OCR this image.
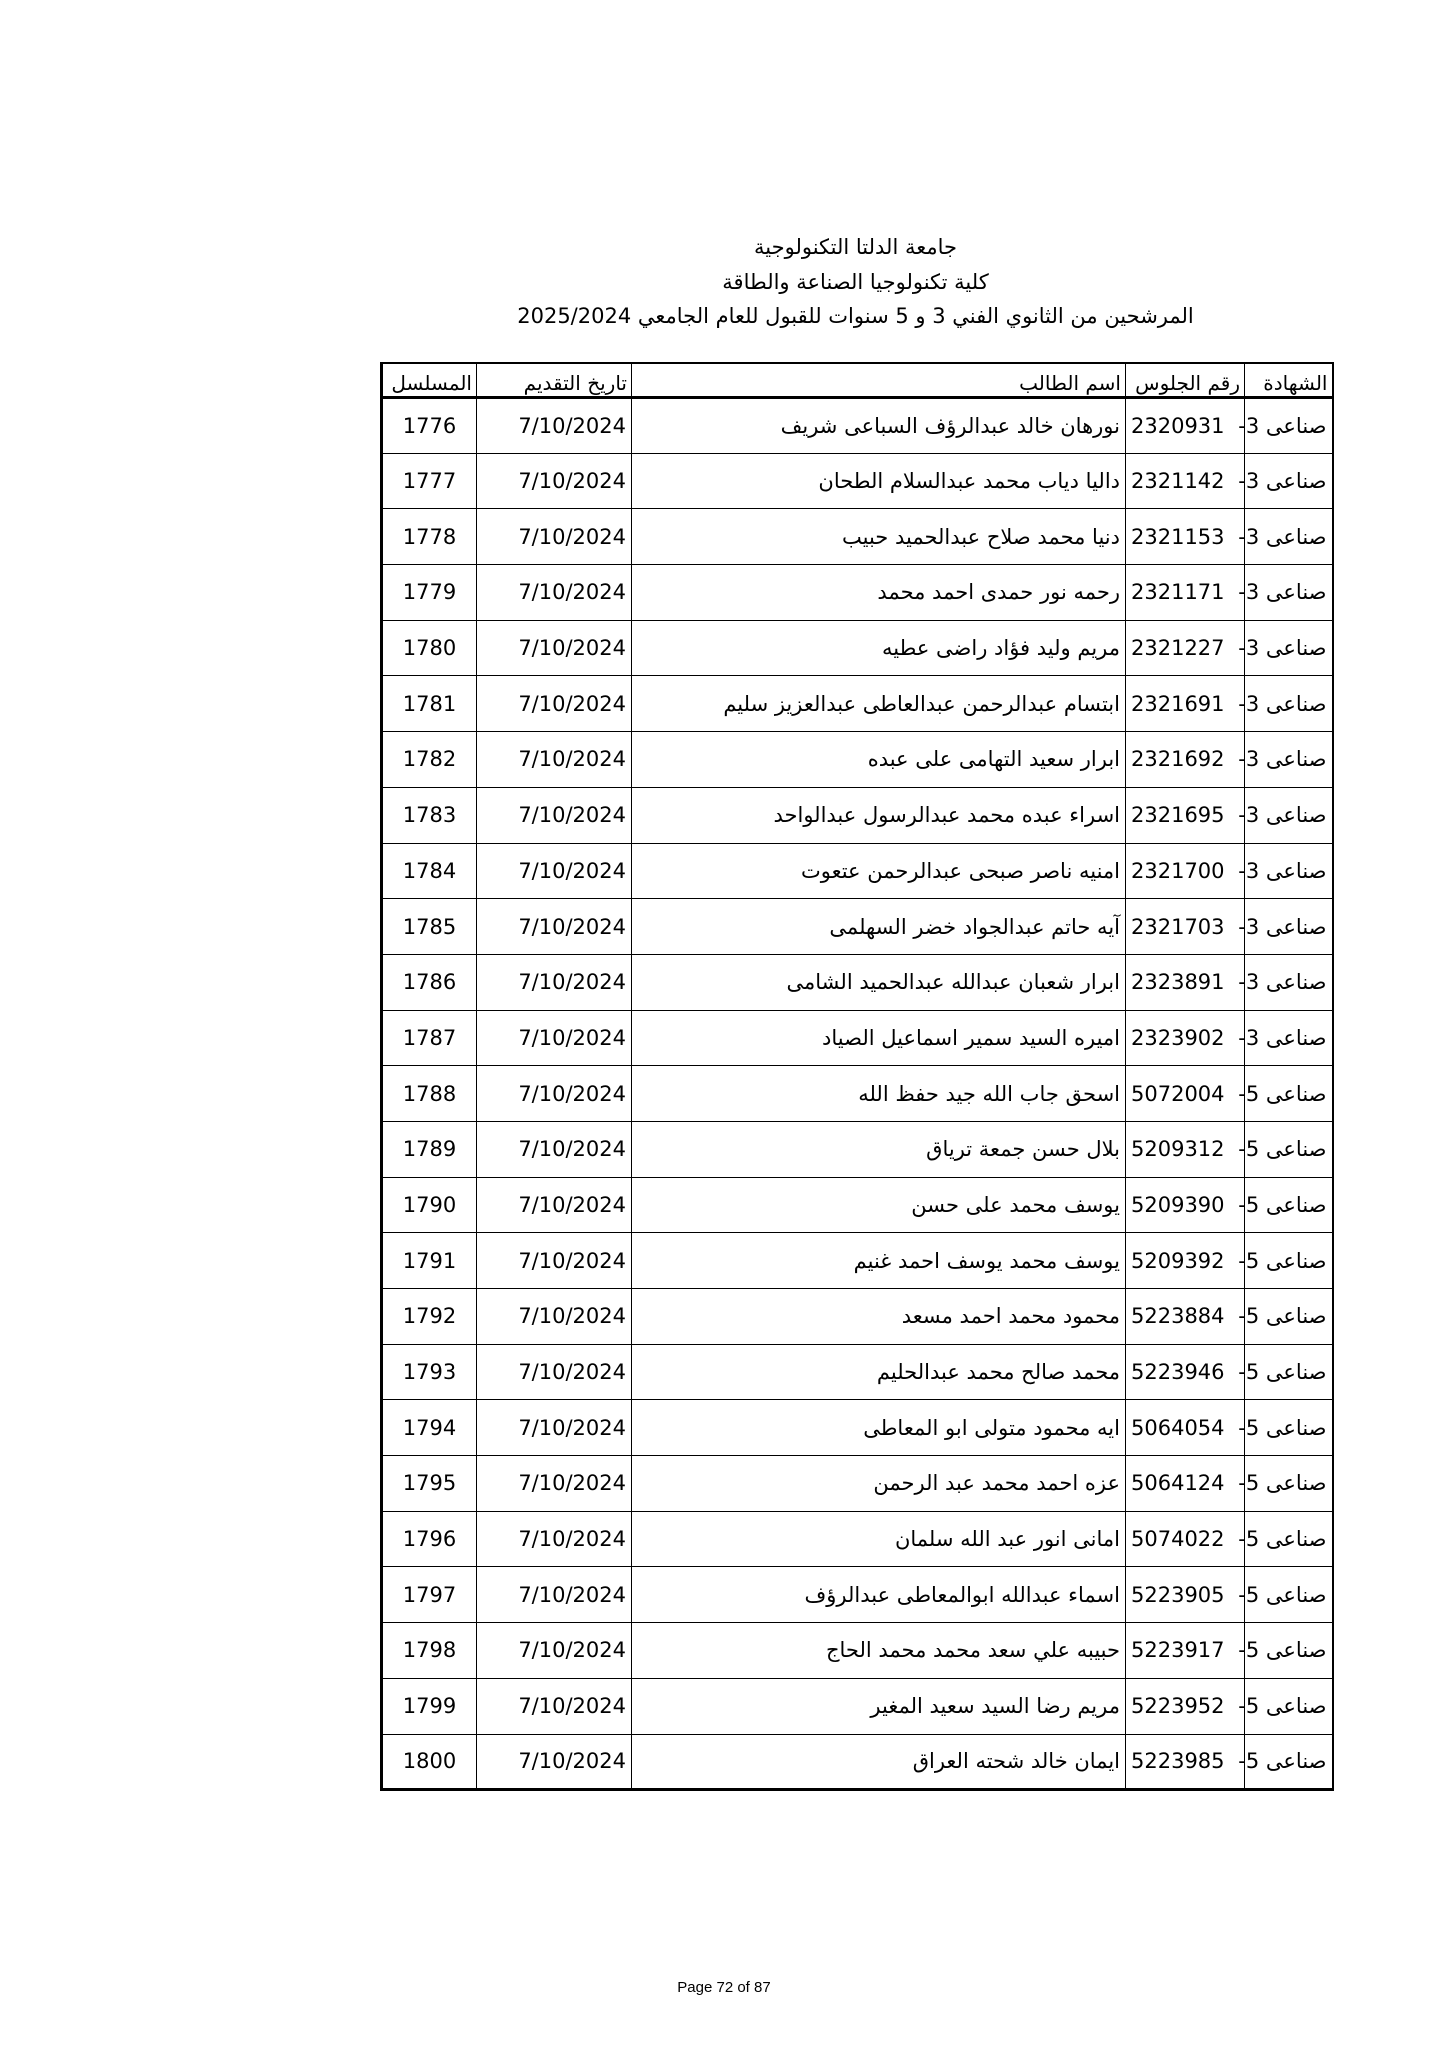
جامعة الدلتا التكنولوجية
كلية تكنولوجيا الصناعة والطاقة
المرشحين من الثانوي الفني 3 و 5 سنوات للقبول للعام الجامعي 2025/2024
الشهادة	رقم الجلوس	اسم الطالب	تاريخ التقديم	المسلسل
صناعى 3-	2320931	نورهان خالد عبدالرؤف السباعى شريف	7/10/2024	1776
صناعى 3-	2321142	داليا دياب محمد عبدالسلام الطحان	7/10/2024	1777
صناعى 3-	2321153	دنيا محمد صلاح عبدالحميد حبيب	7/10/2024	1778
صناعى 3-	2321171	رحمه نور حمدى احمد محمد	7/10/2024	1779
صناعى 3-	2321227	مريم وليد فؤاد راضى عطيه	7/10/2024	1780
صناعى 3-	2321691	ابتسام عبدالرحمن عبدالعاطى عبدالعزيز سليم	7/10/2024	1781
صناعى 3-	2321692	ابرار سعيد التهامى على عبده	7/10/2024	1782
صناعى 3-	2321695	اسراء عبده محمد عبدالرسول عبدالواحد	7/10/2024	1783
صناعى 3-	2321700	امنيه ناصر صبحى عبدالرحمن عتعوت	7/10/2024	1784
صناعى 3-	2321703	آيه حاتم عبدالجواد خضر السهلمى	7/10/2024	1785
صناعى 3-	2323891	ابرار شعبان عبدالله عبدالحميد الشامى	7/10/2024	1786
صناعى 3-	2323902	اميره السيد سمير اسماعيل الصياد	7/10/2024	1787
صناعى 5-	5072004	اسحق جاب الله جيد حفظ الله	7/10/2024	1788
صناعى 5-	5209312	بلال حسن جمعة ترياق	7/10/2024	1789
صناعى 5-	5209390	يوسف محمد على حسن	7/10/2024	1790
صناعى 5-	5209392	يوسف محمد يوسف احمد غنيم	7/10/2024	1791
صناعى 5-	5223884	محمود محمد احمد مسعد	7/10/2024	1792
صناعى 5-	5223946	محمد صالح محمد عبدالحليم	7/10/2024	1793
صناعى 5-	5064054	ايه محمود متولى ابو المعاطى	7/10/2024	1794
صناعى 5-	5064124	عزه احمد محمد عبد الرحمن	7/10/2024	1795
صناعى 5-	5074022	امانى انور عبد الله سلمان	7/10/2024	1796
صناعى 5-	5223905	اسماء عبدالله ابوالمعاطى عبدالرؤف	7/10/2024	1797
صناعى 5-	5223917	حبيبه علي سعد محمد محمد الحاج	7/10/2024	1798
صناعى 5-	5223952	مريم رضا السيد سعيد المغير	7/10/2024	1799
صناعى 5-	5223985	ايمان خالد شحته العراق	7/10/2024	1800
Page 72 of 87
